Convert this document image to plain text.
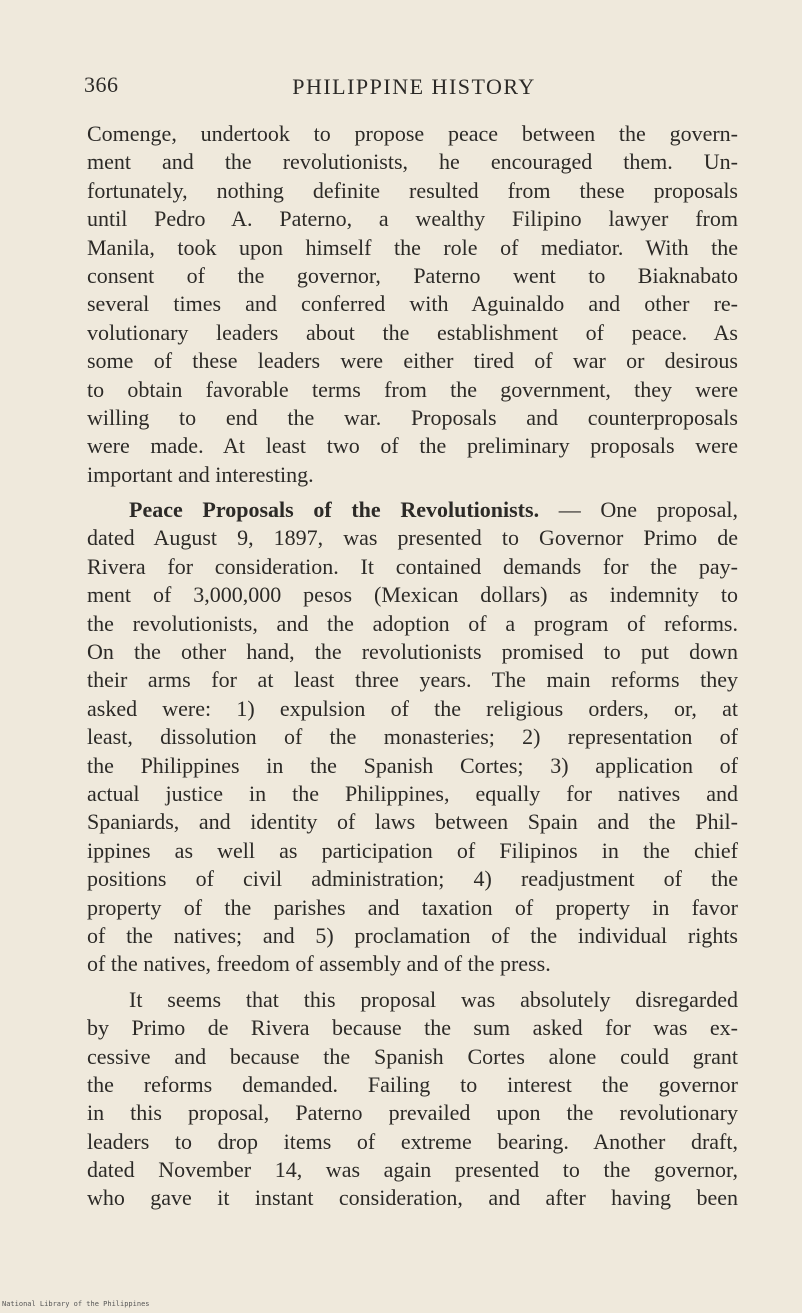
366	PHILIPPINE HISTORY
Comenge, undertook to propose peace between the govern-
ment and the revolutionists, he encouraged them. Un-
fortunately, nothing definite resulted from these proposals
until Pedro A. Paterno, a wealthy Filipino lawyer from
Manila, took upon himself the role of mediator. With the
consent of the governor, Paterno went to Biaknabato
several times and conferred with Aguinaldo and other re-
volutionary leaders about the establishment of peace. As
some of these leaders were either tired of war or desirous
to obtain favorable terms from the government, they were
willing to end the war. Proposals and counterproposals
were made. At least two of the preliminary proposals were
important and interesting.
Peace Proposals of the Revolutionists. — One proposal,
dated August 9, 1897, was presented to Governor Primo de
Rivera for consideration. It contained demands for the pay-
ment of 3,000,000 pesos (Mexican dollars) as indemnity to
the revolutionists, and the adoption of a program of reforms.
On the other hand, the revolutionists promised to put down
their arms for at least three years. The main reforms they
asked were: 1) expulsion of the religious orders, or, at
least, dissolution of the monasteries; 2) representation of
the Philippines in the Spanish Cortes; 3) application of
actual justice in the Philippines, equally for natives and
Spaniards, and identity of laws between Spain and the Phil-
ippines as well as participation of Filipinos in the chief
positions of civil administration; 4) readjustment of the
property of the parishes and taxation of property in favor
of the natives; and 5) proclamation of the individual rights
of the natives, freedom of assembly and of the press.
It seems that this proposal was absolutely disregarded
by Primo de Rivera because the sum asked for was ex-
cessive and because the Spanish Cortes alone could grant
the reforms demanded. Failing to interest the governor
in this proposal, Paterno prevailed upon the revolutionary
leaders to drop items of extreme bearing. Another draft,
dated November 14, was again presented to the governor,
who gave it instant consideration, and after having been
National Library of the Philippines
